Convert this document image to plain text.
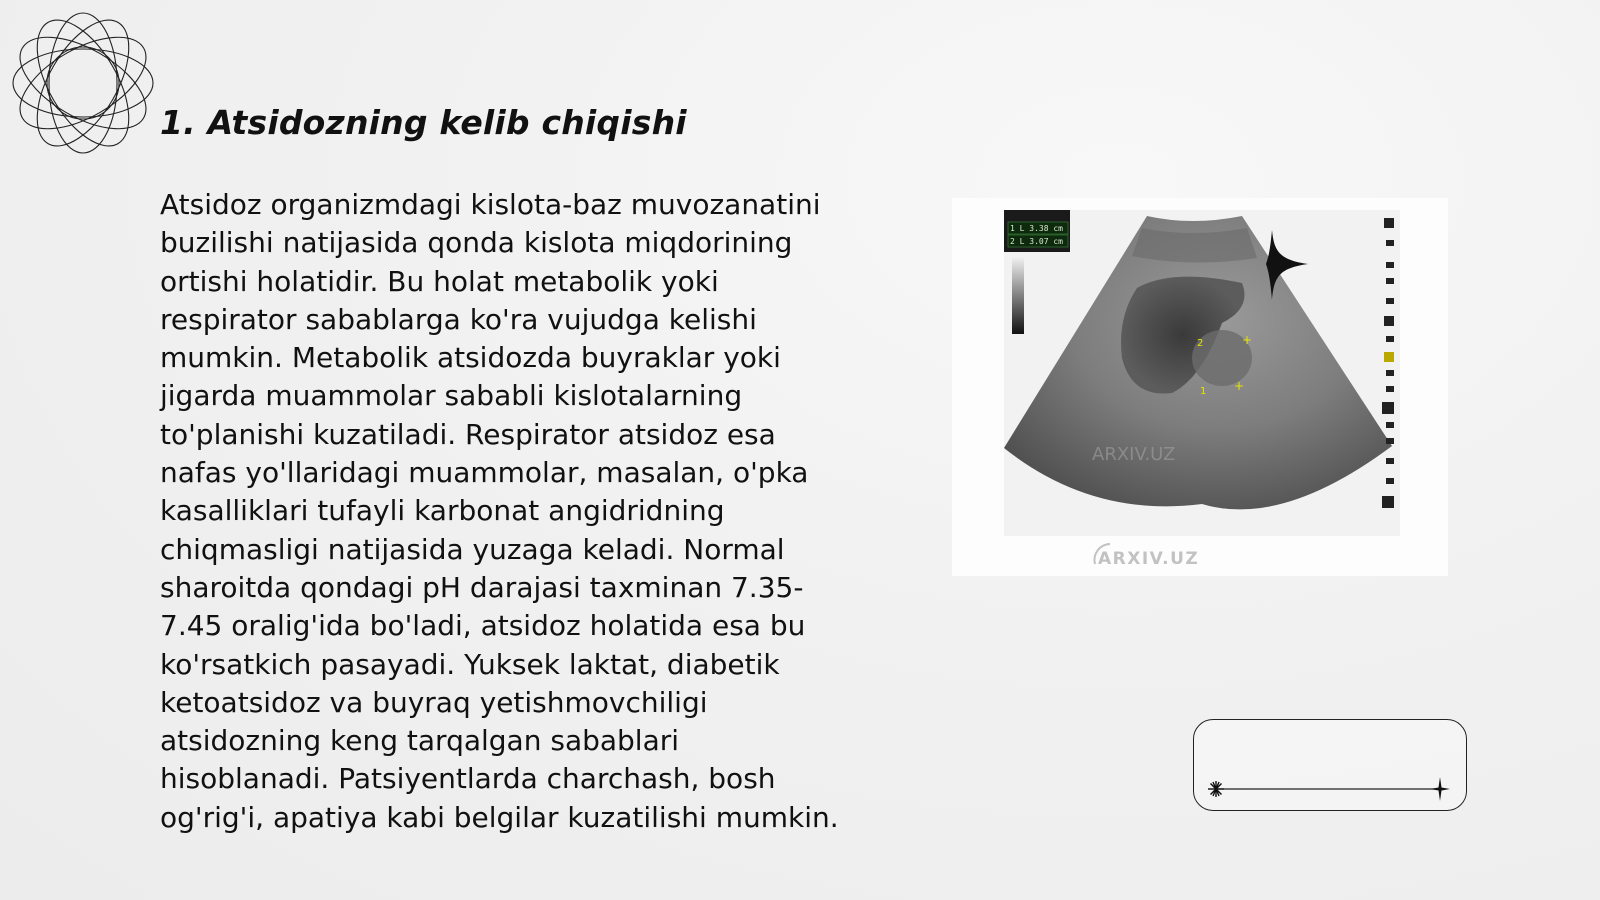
1. Atsidozning kelib chiqishi

Atsidoz organizmdagi kislota-baz muvozanatini buzilishi natijasida qonda kislota miqdorining ortishi holatidir. Bu holat metabolik yoki respirator sabablarga ko'ra vujudga kelishi mumkin. Metabolik atsidozda buyraklar yoki jigarda muammolar sababli kislotalarning to'planishi kuzatiladi. Respirator atsidoz esa nafas yo'llaridagi muammolar, masalan, o'pka kasalliklari tufayli karbonat angidridning chiqmasligi natijasida yuzaga keladi. Normal sharoitda qondagi pH darajasi taxminan 7.35-7.45 oralig'ida bo'ladi, atsidoz holatida esa bu ko'rsatkich pasayadi. Yuksek laktat, diabetik ketoatsidoz va buyraq yetishmovchiligi atsidozning keng tarqalgan sabablari hisoblanadi. Patsiyentlarda charchash, bosh og'rig'i, apatiya kabi belgilar kuzatilishi mumkin.

2
1 +
+
ARXIV.UZ
1 L 3.38 cm
2 L 3.07 cm
ARXIV.UZ
